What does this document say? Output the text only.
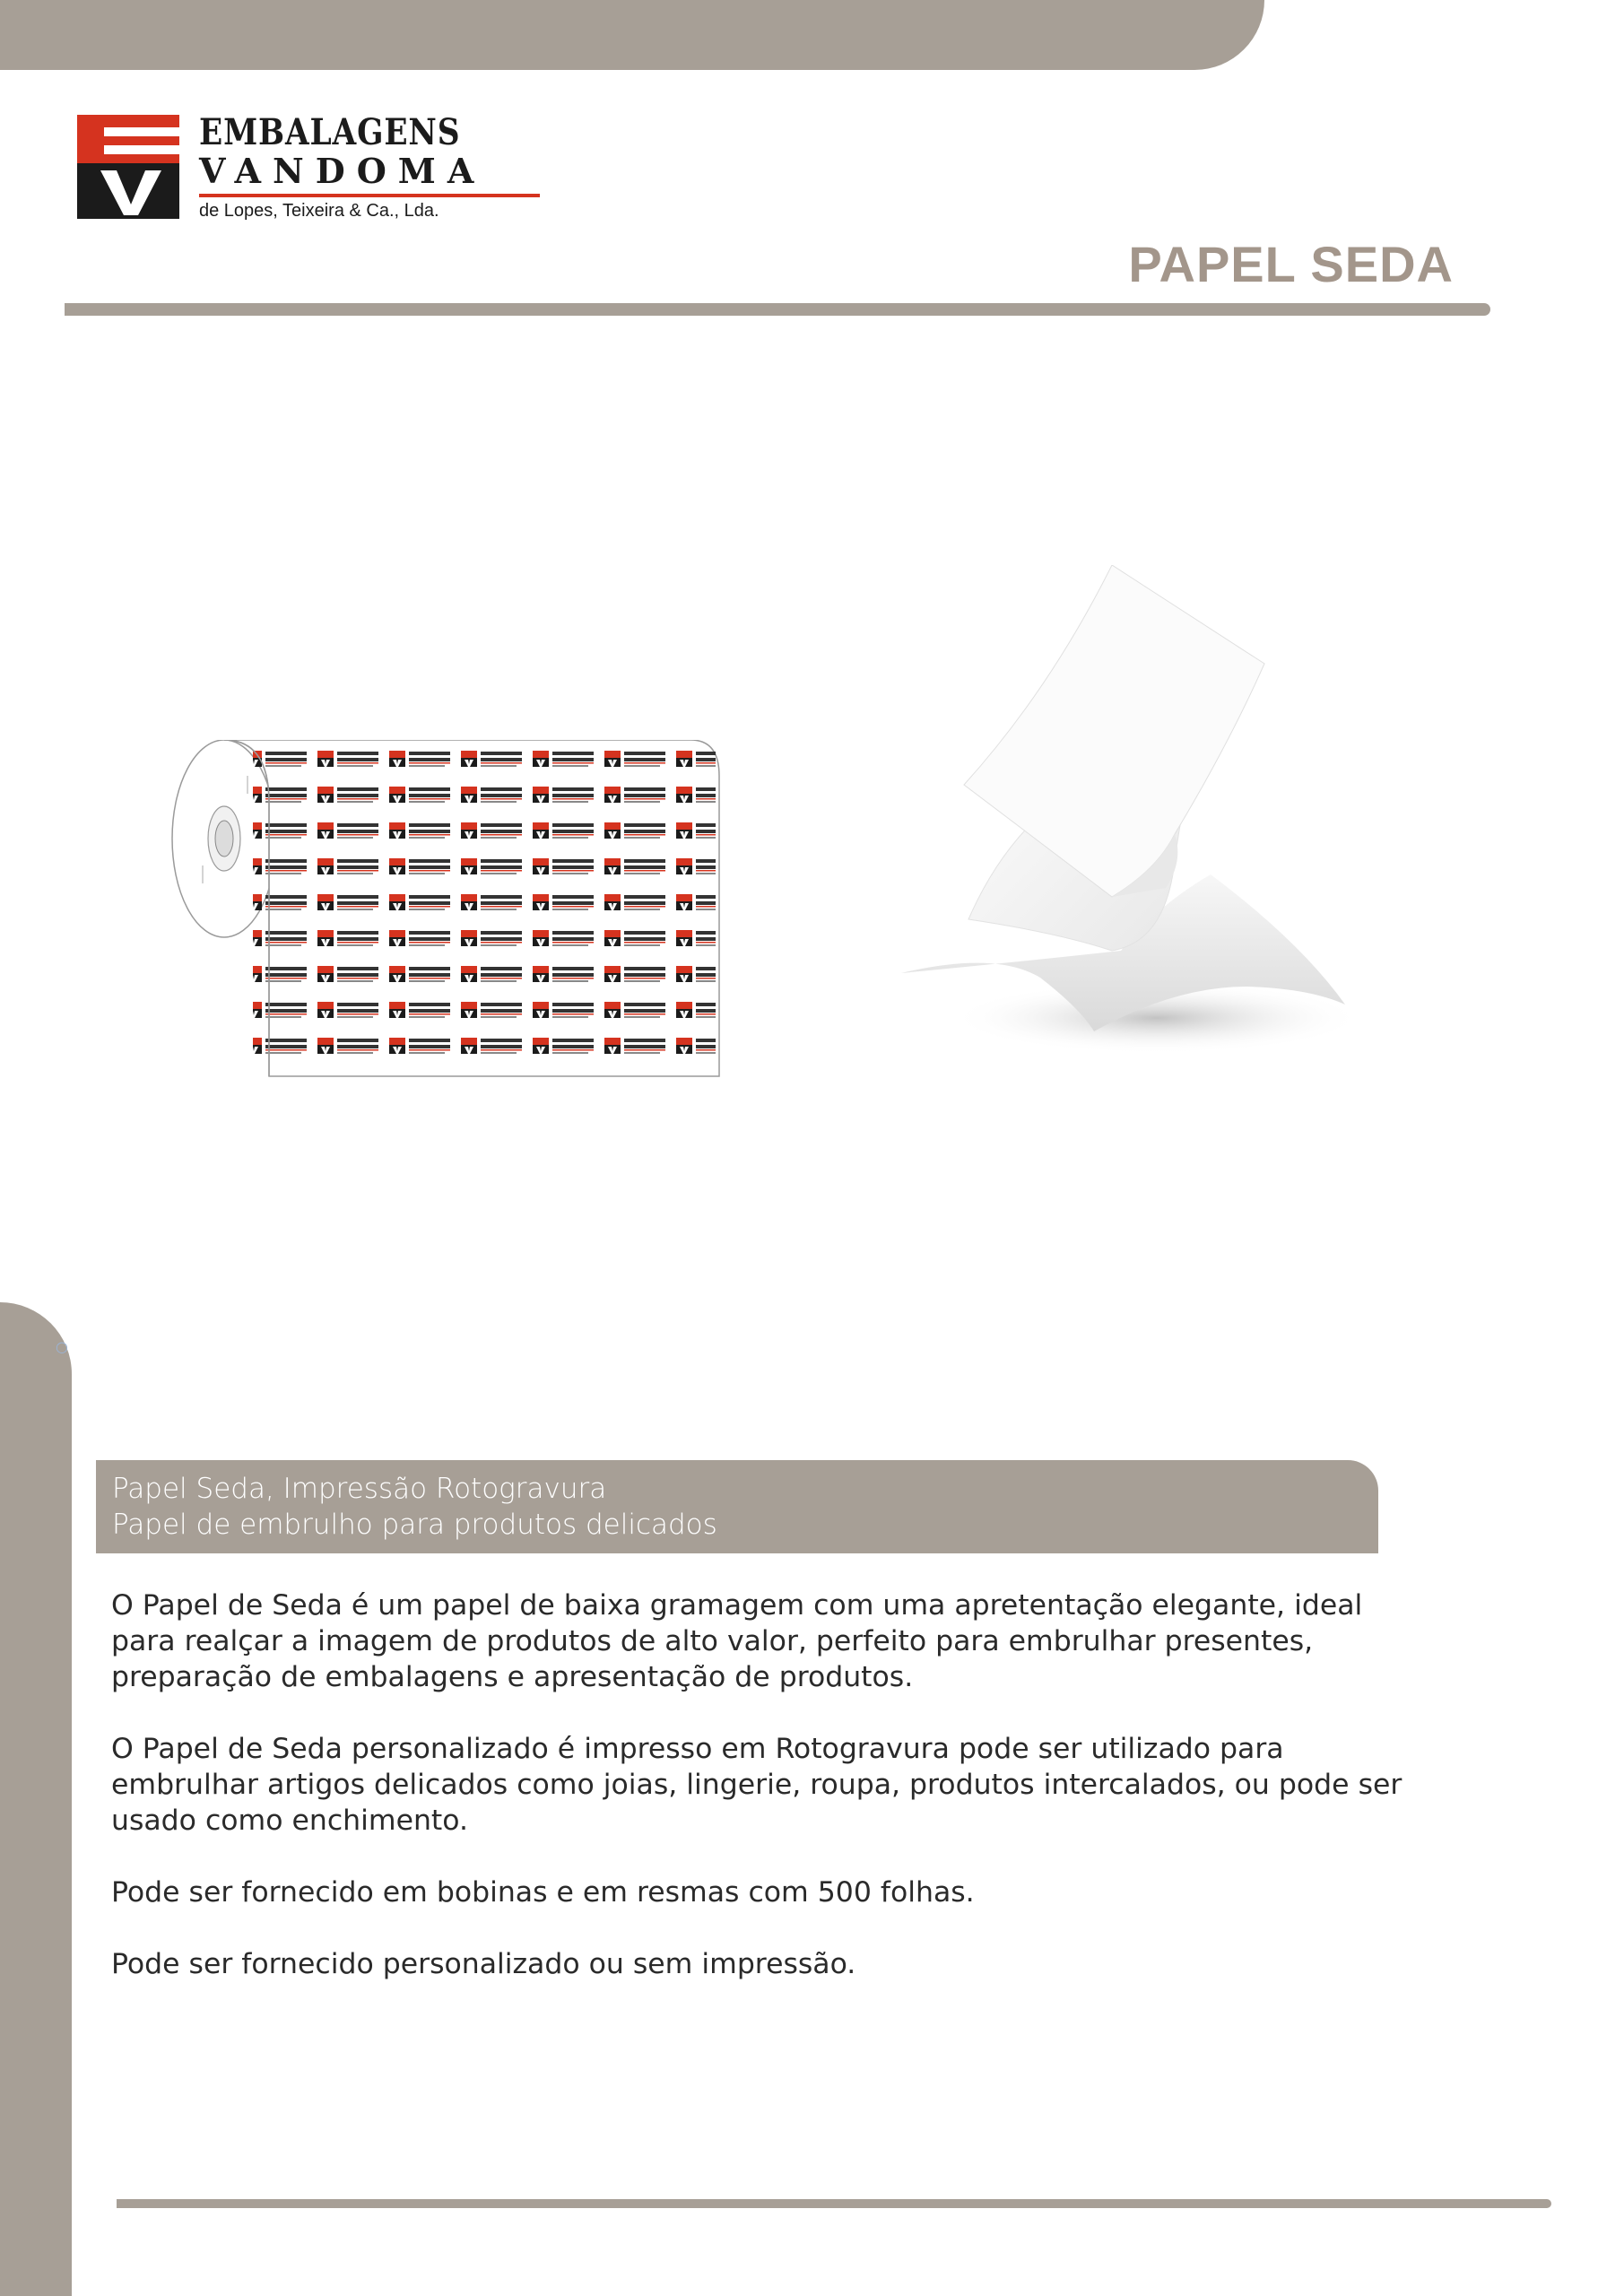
EMBALAGENS
VANDOMA
de Lopes, Teixeira & Ca., Lda.
PAPEL SEDA
○
Papel Seda, Impressão Rotogravura
Papel de embrulho para produtos delicados

O Papel de Seda é um papel de baixa gramagem com uma apretentação elegante, ideal
para realçar a imagem de produtos de alto valor, perfeito para embrulhar presentes,
preparação de embalagens e apresentação de produtos.

O Papel de Seda personalizado é impresso em Rotogravura pode ser utilizado para
embrulhar artigos delicados como joias, lingerie, roupa, produtos intercalados, ou pode ser
usado como enchimento.

Pode ser fornecido em bobinas e em resmas com 500 folhas.

Pode ser fornecido personalizado ou sem impressão.
